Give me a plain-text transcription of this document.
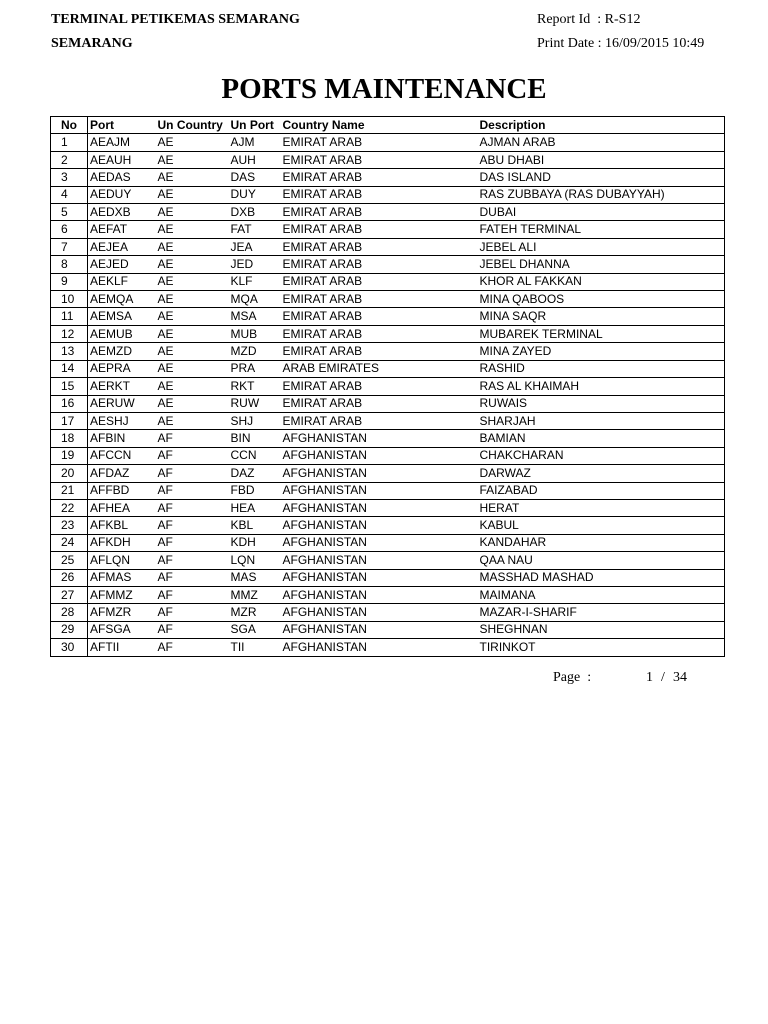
TERMINAL PETIKEMAS SEMARANG
SEMARANG
Report Id  : R-S12
Print Date : 16/09/2015 10:49
PORTS MAINTENANCE
No	Port	Un Country	Un Port	Country Name	Description
1	AEAJM	AE	AJM	EMIRAT ARAB	AJMAN ARAB
2	AEAUH	AE	AUH	EMIRAT ARAB	ABU DHABI
3	AEDAS	AE	DAS	EMIRAT ARAB	DAS ISLAND
4	AEDUY	AE	DUY	EMIRAT ARAB	RAS ZUBBAYA (RAS DUBAYYAH)
5	AEDXB	AE	DXB	EMIRAT ARAB	DUBAI
6	AEFAT	AE	FAT	EMIRAT ARAB	FATEH TERMINAL
7	AEJEA	AE	JEA	EMIRAT ARAB	JEBEL ALI
8	AEJED	AE	JED	EMIRAT ARAB	JEBEL DHANNA
9	AEKLF	AE	KLF	EMIRAT ARAB	KHOR AL FAKKAN
10	AEMQA	AE	MQA	EMIRAT ARAB	MINA QABOOS
11	AEMSA	AE	MSA	EMIRAT ARAB	MINA SAQR
12	AEMUB	AE	MUB	EMIRAT ARAB	MUBAREK TERMINAL
13	AEMZD	AE	MZD	EMIRAT ARAB	MINA ZAYED
14	AEPRA	AE	PRA	ARAB EMIRATES	RASHID
15	AERKT	AE	RKT	EMIRAT ARAB	RAS AL KHAIMAH
16	AERUW	AE	RUW	EMIRAT ARAB	RUWAIS
17	AESHJ	AE	SHJ	EMIRAT ARAB	SHARJAH
18	AFBIN	AF	BIN	AFGHANISTAN	BAMIAN
19	AFCCN	AF	CCN	AFGHANISTAN	CHAKCHARAN
20	AFDAZ	AF	DAZ	AFGHANISTAN	DARWAZ
21	AFFBD	AF	FBD	AFGHANISTAN	FAIZABAD
22	AFHEA	AF	HEA	AFGHANISTAN	HERAT
23	AFKBL	AF	KBL	AFGHANISTAN	KABUL
24	AFKDH	AF	KDH	AFGHANISTAN	KANDAHAR
25	AFLQN	AF	LQN	AFGHANISTAN	QAA NAU
26	AFMAS	AF	MAS	AFGHANISTAN	MASSHAD MASHAD
27	AFMMZ	AF	MMZ	AFGHANISTAN	MAIMANA
28	AFMZR	AF	MZR	AFGHANISTAN	MAZAR-I-SHARIF
29	AFSGA	AF	SGA	AFGHANISTAN	SHEGHNAN
30	AFTII	AF	TII	AFGHANISTAN	TIRINKOT
Page  :	1 / 34
